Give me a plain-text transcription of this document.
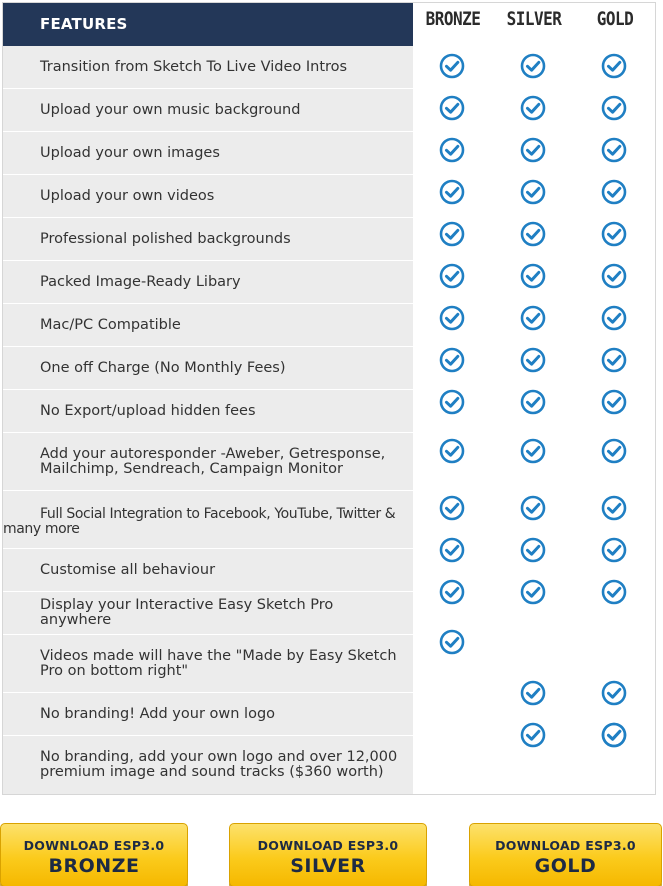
FEATURES
Transition from Sketch To Live Video Intros
Upload your own music background
Upload your own images
Upload your own videos
Professional polished backgrounds
Packed Image-Ready Libary
Mac/PC Compatible
One off Charge (No Monthly Fees)
No Export/upload hidden fees
Add your autoresponder -Aweber, Getresponse, Mailchimp, Sendreach, Campaign Monitor
Full Social Integration to Facebook, YouTube, Twitter & many more
Customise all behaviour
Display your Interactive Easy Sketch Pro anywhere
Videos made will have the "Made by Easy Sketch Pro on bottom right"
No branding! Add your own logo
No branding, add your own logo and over 12,000 premium image and sound tracks ($360 worth)
BRONZE	SILVER	GOLD
DOWNLOAD ESP3.0
BRONZE
DOWNLOAD ESP3.0
SILVER
DOWNLOAD ESP3.0
GOLD
